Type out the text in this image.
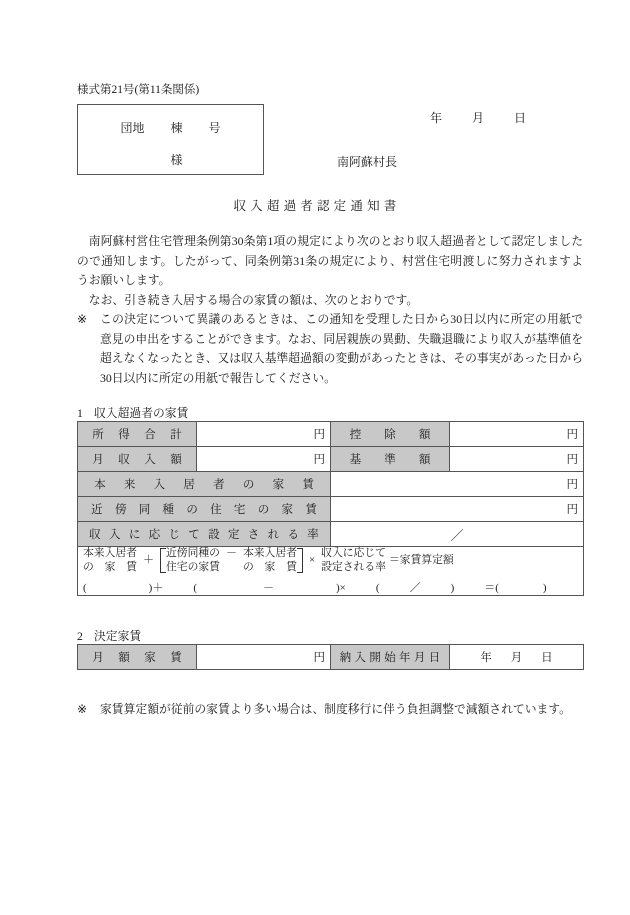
様式第21号(第11条関係)
団地 棟 号
様
年	月	日
南阿蘇村長
収入超過者認定通知書

南阿蘇村営住宅管理条例第30条第1項の規定により次のとおり収入超過者として認定しましたので通知します。したがって、同条例第31条の規定により、村営住宅明渡しに努力されますようお願いします。

なお、引き続き入居する場合の家賃の額は、次のとおりです。

※	この決定について異議のあるときは、この通知を受理した日から30日以内に所定の用紙で意見の申出をすることができます。なお、同居親族の異動、失職退職により収入が基準値を超えなくなったとき、又は収入基準超過額の変動があったときは、その事実があった日から30日以内に所定の用紙で報告してください。
1 収入超過者の家賃
所 得 合 計	円	控 除 額	円

月 収 入 額	円	基 準 額	円

本 来 入 居 者 の 家 賃	円

近 傍 同 種 の 住 宅 の 家 賃	円

収 入 に 応 じ て 設 定 さ れ る 率	／

本来入居者
の　家　賃
＋
近傍同種の
住宅の家賃
－ 本来入居者
の　家　賃
×
収入に応じて
設定される率
＝家賃算定額
(	)＋	(	－	)×	(	／	)	＝(	)
2 決定家賃
月 額 家 賃	円	納 入 開 始 年 月 日	年 月 日
※	家賃算定額が従前の家賃より多い場合は、制度移行に伴う負担調整で減額されています。
